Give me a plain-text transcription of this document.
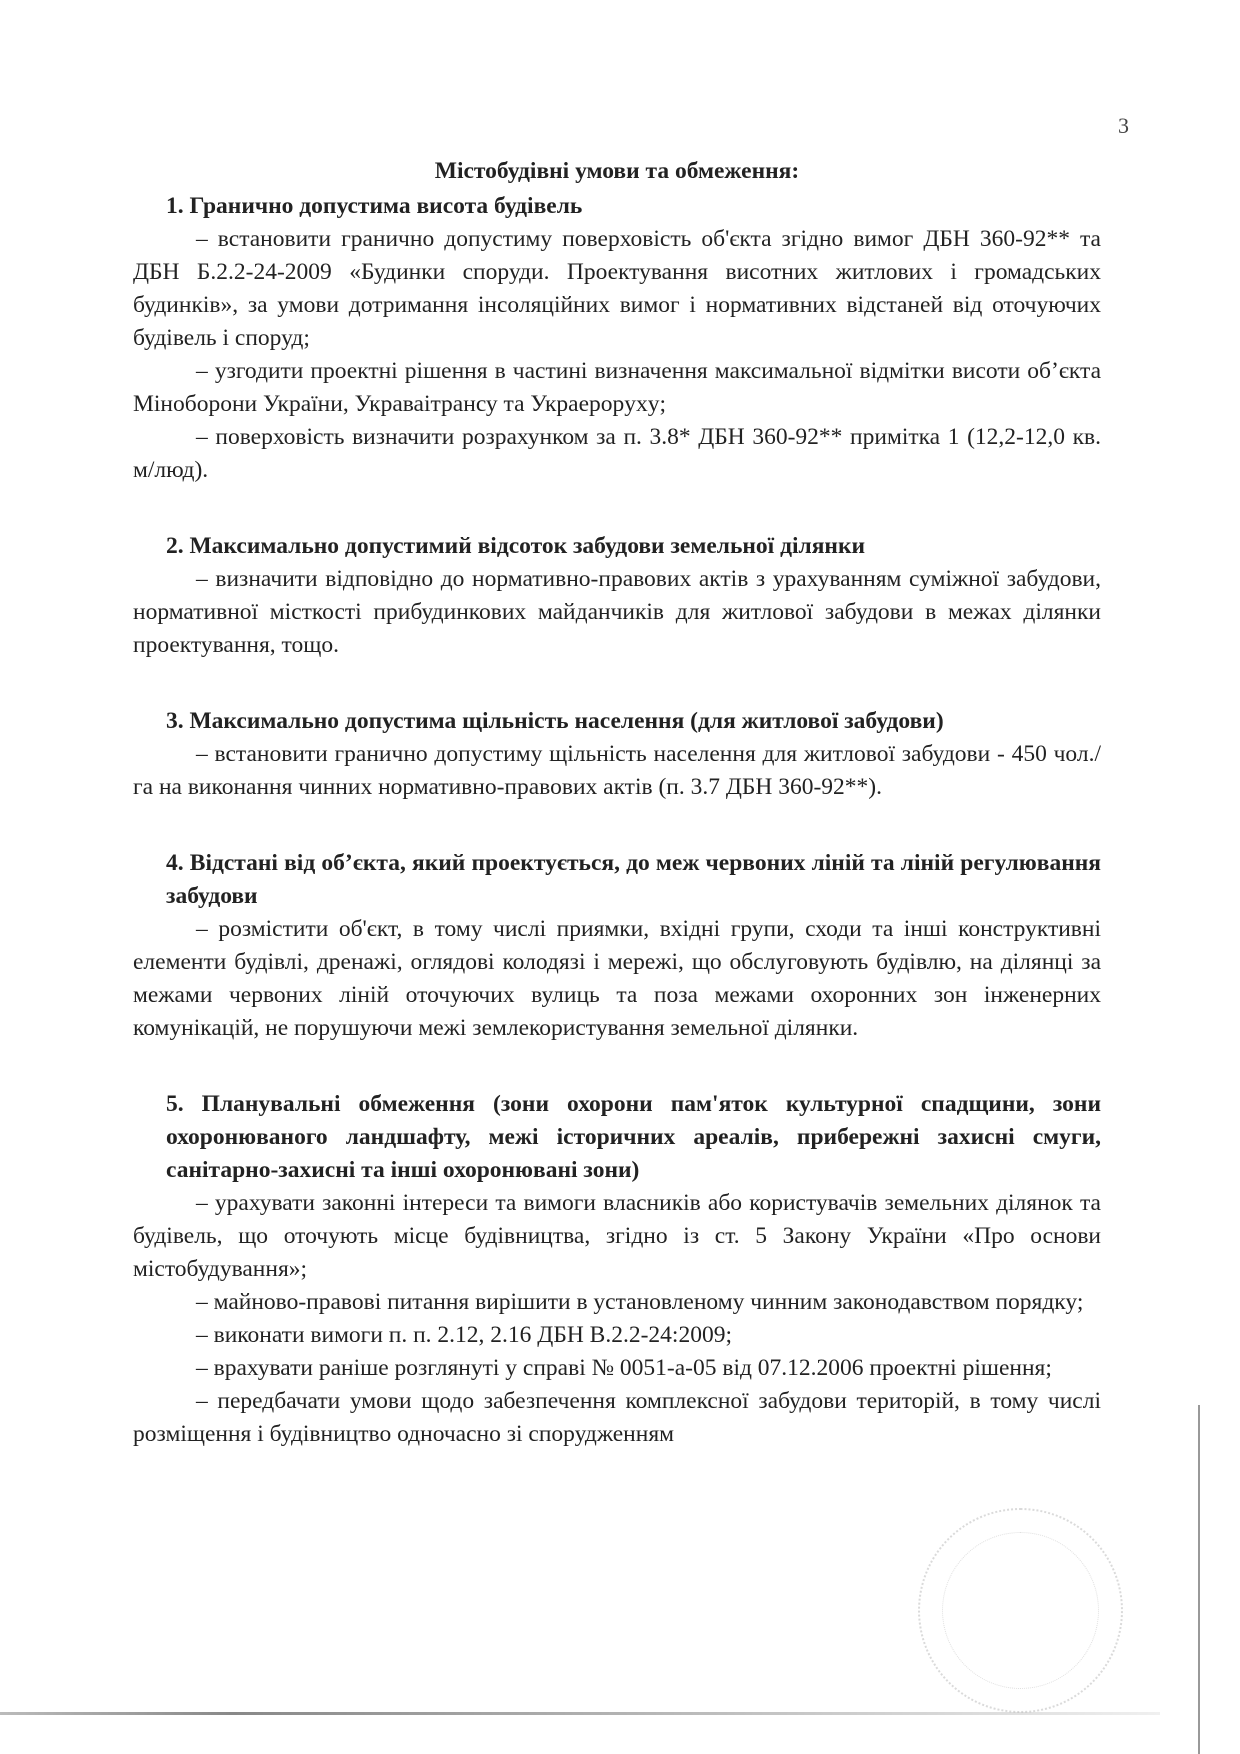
3

Містобудівні умови та обмеження:

1. Гранично допустима висота будівель

– встановити гранично допустиму поверховість об'єкта згідно вимог ДБН 360-92** та ДБН Б.2.2-24-2009 «Будинки споруди. Проектування висотних житлових і громадських будинків», за умови дотримання інсоляційних вимог і нормативних відстаней від оточуючих будівель і споруд;

– узгодити проектні рішення в частині визначення максимальної відмітки висоти об’єкта Міноборони України, Украваітрансу та Украерорyxy;

– поверховість визначити розрахунком за п. 3.8* ДБН 360-92** примітка 1 (12,2-12,0 кв. м/люд).

2. Максимально допустимий відсоток забудови земельної ділянки

– визначити відповідно до нормативно-правових актів з урахуванням суміжної забудови, нормативної місткості прибудинкових майданчиків для житлової забудови в межах ділянки проектування, тощо.

3. Максимально допустима щільність населення (для житлової забудови)

– встановити гранично допустиму щільність населення для житлової забудови - 450 чол./га на виконання чинних нормативно-правових актів (п. 3.7 ДБН 360-92**).

4. Відстані від об’єкта, який проектується, до меж червоних ліній та ліній регулювання забудови

– розмістити об'єкт, в тому числі приямки, вхідні групи, сходи та інші конструктивні елементи будівлі, дренажі, оглядові колодязі і мережі, що обслуговують будівлю, на ділянці за межами червоних ліній оточуючих вулиць та поза межами охоронних зон інженерних комунікацій, не порушуючи межі землекористування земельної ділянки.

5. Планувальні обмеження (зони охорони пам'яток культурної спадщини, зони охоронюваного ландшафту, межі історичних ареалів, прибережні захисні смуги, санітарно-захисні та інші охоронювані зони)

– урахувати законні інтереси та вимоги власників або користувачів земельних ділянок та будівель, що оточують місце будівництва, згідно із ст. 5 Закону України «Про основи містобудування»;

– майново-правові питання вирішити в установленому чинним законодавством порядку;

– виконати вимоги п. п. 2.12, 2.16 ДБН В.2.2-24:2009;

– врахувати раніше розглянуті у справі № 0051-а-05 від 07.12.2006 проектні рішення;

– передбачати умови щодо забезпечення комплексної забудови територій, в тому числі розміщення і будівництво одночасно зі спорудженням
